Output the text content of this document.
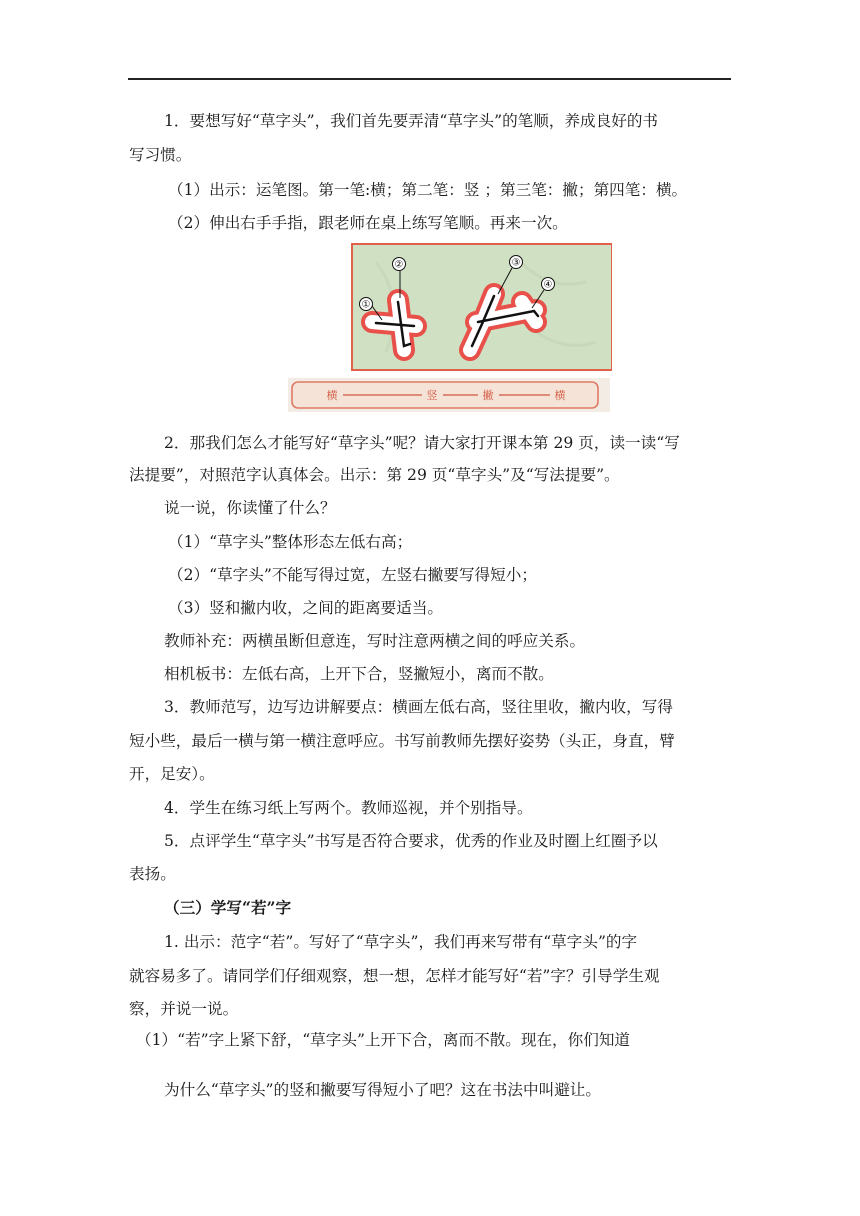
1．要想写好“草字头”，我们首先要弄清“草字头”的笔顺，养成良好的书
写习惯。
（1）出示：运笔图。第一笔:横；第二笔：竖 ；第三笔：撇；第四笔：横。
（2）伸出右手手指，跟老师在桌上练写笔顺。再来一次。
①
②	③
④
横	竖	撇	横
2．那我们怎么才能写好“草字头”呢？请大家打开课本第 29 页，读一读“写
法提要”，对照范字认真体会。出示：第 29 页“草字头”及“写法提要”。
说一说，你读懂了什么？
（1）“草字头”整体形态左低右高；
（2）“草字头”不能写得过宽，左竖右撇要写得短小；
（3）竖和撇内收，之间的距离要适当。
教师补充：两横虽断但意连，写时注意两横之间的呼应关系。
相机板书：左低右高，上开下合，竖撇短小，离而不散。
3．教师范写，边写边讲解要点：横画左低右高，竖往里收，撇内收，写得
短小些，最后一横与第一横注意呼应。书写前教师先摆好姿势（头正，身直，臂
开，足安）。
4．学生在练习纸上写两个。教师巡视，并个别指导。
5．点评学生“草字头”书写是否符合要求，优秀的作业及时圈上红圈予以
表扬。
（三）学写“若”字
1. 出示：范字“若”。写好了“草字头”，我们再来写带有“草字头”的字
就容易多了。请同学们仔细观察，想一想，怎样才能写好“若”字？引导学生观
察，并说一说。
（1）“若”字上紧下舒，“草字头”上开下合，离而不散。现在，你们知道
为什么“草字头”的竖和撇要写得短小了吧？这在书法中叫避让。
